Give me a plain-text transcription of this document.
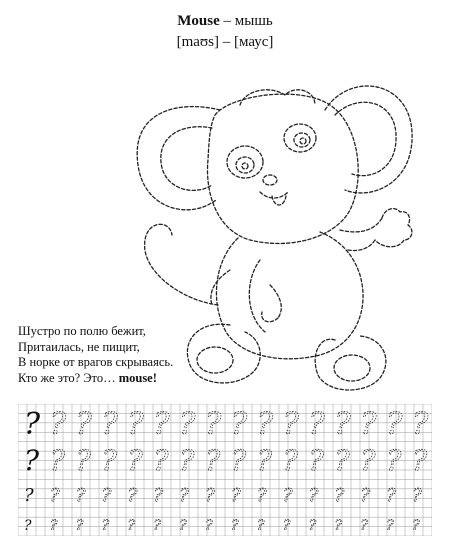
Mouse – мышь
[maʊs] – [маус]
Шустро по полю бежит,
Притаилась, не пищит,
В норке от врагов скрываясь.
Кто же это? Это… mouse!
? ? ? ? ? ? ? ? ? ? ? ? ? ? ? ?
? ? ? ? ? ? ? ? ? ? ? ? ? ? ? ?
? ? ? ? ? ? ? ? ? ? ? ? ? ? ? ?
? ? ? ? ? ? ? ? ? ? ? ? ? ? ? ?
